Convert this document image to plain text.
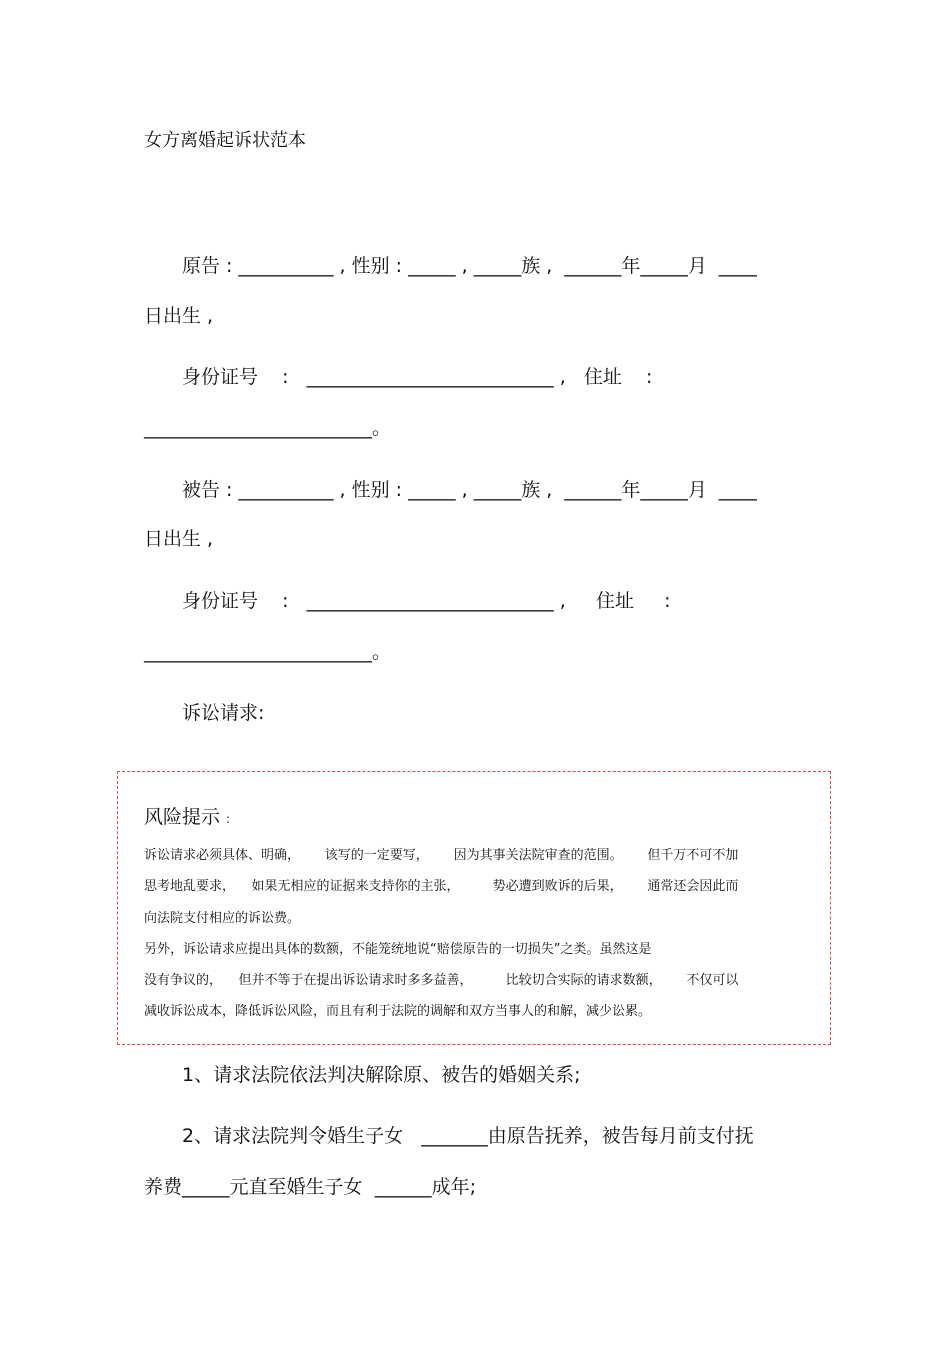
女方离婚起诉状范本
原告 : __________ , 性别 : _____ , _____族 ,  ______年_____月  ____
日出生 ,
身份证号    :   __________________________ ,   住址    :
________________________。
被告 : __________ , 性别 : _____ , _____族 ,  ______年_____月  ____
日出生 ,
身份证号    :   __________________________ ,     住址     :
________________________。
诉讼请求:
风险提示 :
诉讼请求必须具体、明确，      该写的一定要写，      因为其事关法院审查的范围。      但千万不可不加
思考地乱要求，    如果无相应的证据来支持你的主张，        势必遭到败诉的后果，      通常还会因此而
向法院支付相应的诉讼费。
另外，诉讼请求应提出具体的数额，不能笼统地说“赔偿原告的一切损失”之类。虽然这是
没有争议的，    但并不等于在提出诉讼请求时多多益善，        比较切合实际的请求数额，      不仅可以
减收诉讼成本，降低诉讼风险，而且有利于法院的调解和双方当事人的和解，减少讼累。
1、请求法院依法判决解除原、被告的婚姻关系;
2、请求法院判令婚生子女   _______由原告抚养，被告每月前支付抚
养费_____元直至婚生子女  ______成年;
